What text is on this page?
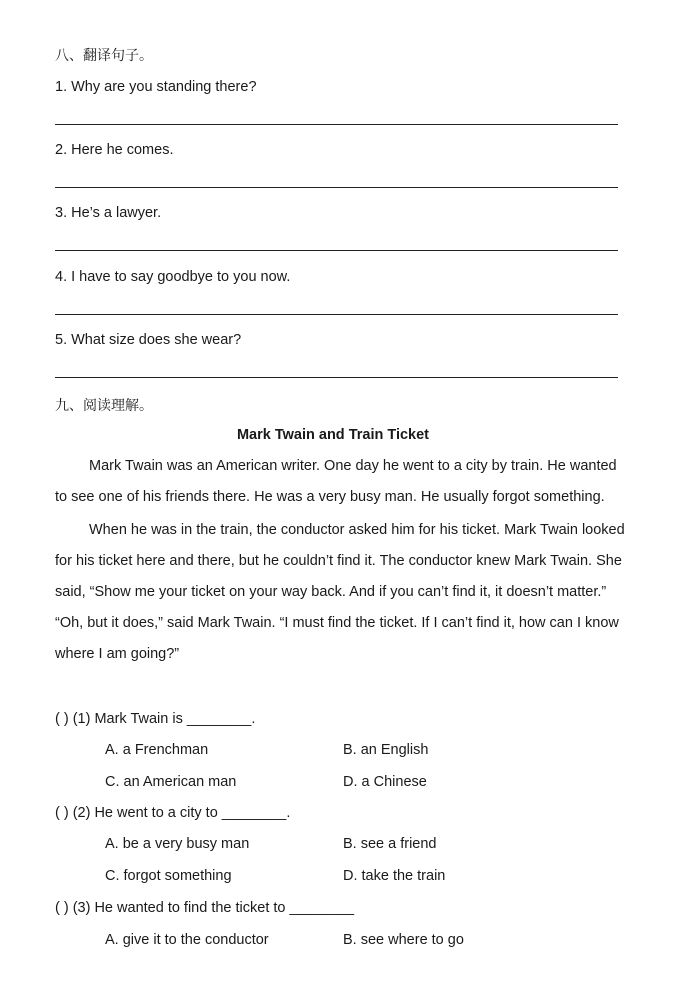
八、翻译句子。
1. Why are you standing there?
2. Here he comes.
3. He’s a lawyer.
4. I have to say goodbye to you now.
5. What size does she wear?
九、阅读理解。
Mark Twain and Train Ticket

Mark Twain was an American writer. One day he went to a city by train. He wanted to see one of his friends there. He was a very busy man. He usually forgot something.

When he was in the train, the conductor asked him for his ticket. Mark Twain looked for his ticket here and there, but he couldn’t find it. The conductor knew Mark Twain. She said, “Show me your ticket on your way back. And if you can’t find it, it doesn’t matter.” “Oh, but it does,” said Mark Twain. “I must find the ticket. If I can’t find it, how can I know where I am going?”

( ) (1) Mark Twain is ________.
A. a Frenchman	B. an English
C. an American man	D. a Chinese
( ) (2) He went to a city to ________.
A. be a very busy man	B. see a friend
C. forgot something	D. take the train
( ) (3) He wanted to find the ticket to ________
A. give it to the conductor	B. see where to go
